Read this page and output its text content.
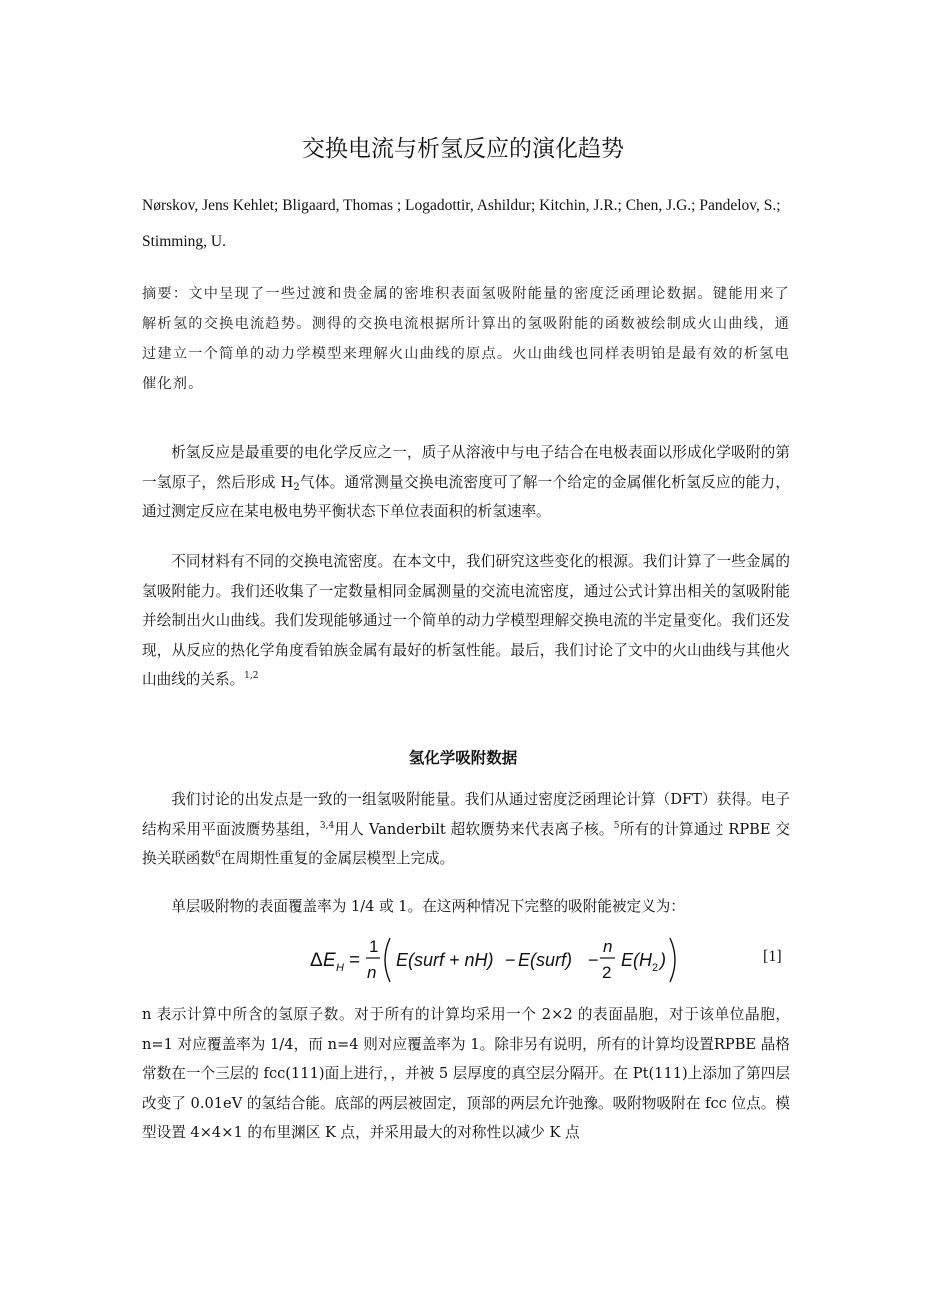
交换电流与析氢反应的演化趋势

Nørskov, Jens Kehlet; Bligaard, Thomas ; Logadottir, Ashildur; Kitchin, J.R.; Chen, J.G.; Pandelov, S.; Stimming, U.

摘要：文中呈现了一些过渡和贵金属的密堆积表面氢吸附能量的密度泛函理论数据。键能用来了解析氢的交换电流趋势。测得的交换电流根据所计算出的氢吸附能的函数被绘制成火山曲线，通过建立一个简单的动力学模型来理解火山曲线的原点。火山曲线也同样表明铂是最有效的析氢电催化剂。

析氢反应是最重要的电化学反应之一，质子从溶液中与电子结合在电极表面以形成化学吸附的第一氢原子，然后形成 $H_2$气体。通常测量交换电流密度可了解一个给定的金属催化析氢反应的能力，通过测定反应在某电极电势平衡状态下单位表面积的析氢速率。

不同材料有不同的交换电流密度。在本文中，我们研究这些变化的根源。我们计算了一些金属的氢吸附能力。我们还收集了一定数量相同金属测量的交流电流密度，通过公式计算出相关的氢吸附能并绘制出火山曲线。我们发现能够通过一个简单的动力学模型理解交换电流的半定量变化。我们还发现，从反应的热化学角度看铂族金属有最好的析氢性能。最后，我们讨论了文中的火山曲线与其他火山曲线的关系。$^{1,2}$

氢化学吸附数据

我们讨论的出发点是一致的一组氢吸附能量。我们从通过密度泛函理论计算（DFT）获得。电子结构采用平面波赝势基组，$^{3,4}$用人 Vanderbilt 超软赝势来代表离子核。$^5$所有的计算通过 RPBE 交换关联函数$^6$在周期性重复的金属层模型上完成。

单层吸附物的表面覆盖率为 1/4 或 1。在这两种情况下完整的吸附能被定义为：

Δ E H =
1
n
E(surf + nH) − E(surf) −
n
2
E(H 2 )	[1]

n 表示计算中所含的氢原子数。对于所有的计算均采用一个 2×2 的表面晶胞，对于该单位晶胞，n=1 对应覆盖率为 1/4，而 n=4 则对应覆盖率为 1。除非另有说明，所有的计算均设置RPBE 晶格常数在一个三层的 fcc(111)面上进行，，并被 5 层厚度的真空层分隔开。在 Pt(111)上添加了第四层改变了 0.01eV 的氢结合能。底部的两层被固定，顶部的两层允许弛豫。吸附物吸附在 fcc 位点。模型设置 4×4×1 的布里渊区 K 点，并采用最大的对称性以减少 K 点
